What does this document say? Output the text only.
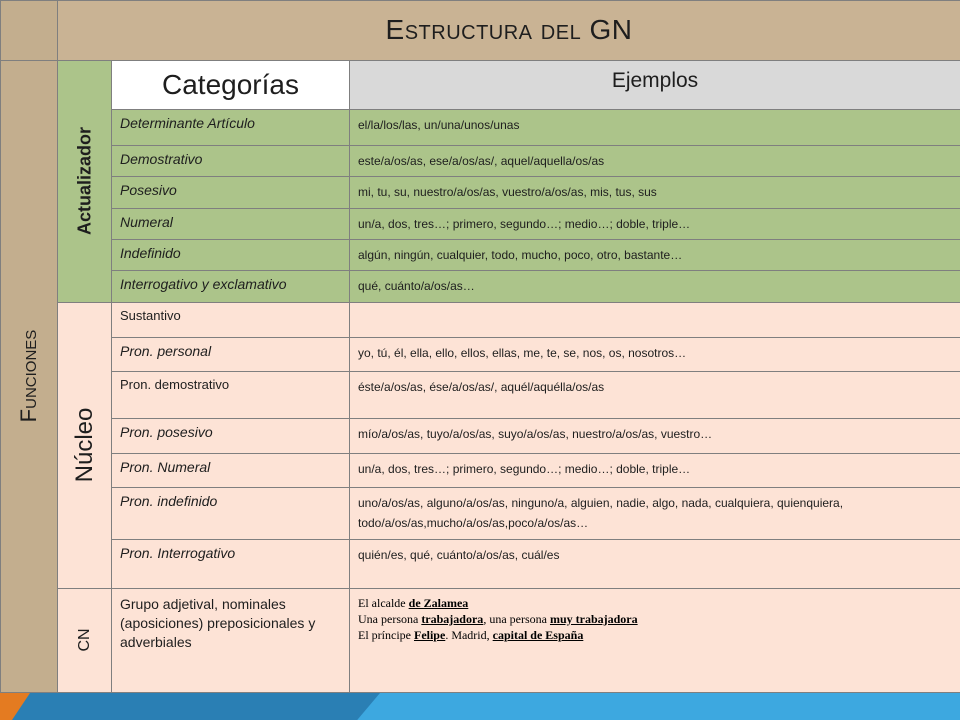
	Estructura del GN		

Funciones	Actualizador	Categorías	Ejemplos
		Determinante Artículo	el/la/los/las, un/una/unos/unas
		Demostrativo	este/a/os/as, ese/a/os/as/, aquel/aquella/os/as
		Posesivo	mi, tu, su, nuestro/a/os/as, vuestro/a/os/as, mis, tus, sus
		Numeral	un/a, dos, tres…; primero, segundo…; medio…; doble, triple…
		Indefinido	algún, ningún, cualquier, todo, mucho, poco, otro, bastante…
		Interrogativo y exclamativo	qué, cuánto/a/os/as…

	Núcleo	Sustantivo	
		Pron. personal	yo, tú, él, ella, ello, ellos, ellas, me, te, se, nos, os, nosotros…
		Pron. demostrativo	éste/a/os/as, ése/a/os/as/, aquél/aquélla/os/as
		Pron. posesivo	mío/a/os/as, tuyo/a/os/as, suyo/a/os/as, nuestro/a/os/as, vuestro…
		Pron. Numeral	un/a, dos, tres…; primero, segundo…; medio…; doble, triple…
		Pron. indefinido	uno/a/os/as, alguno/a/os/as, ninguno/a, alguien, nadie, algo, nada, cualquiera, quienquiera, todo/a/os/as,mucho/a/os/as,poco/a/os/as…
		Pron. Interrogativo	quién/es, qué, cuánto/a/os/as, cuál/es

	CN	Grupo adjetival, nominales (aposiciones) preposicionales y adverbiales	El alcalde de Zalamea
Una persona trabajadora, una persona muy trabajadora
El príncipe Felipe. Madrid, capital de España
